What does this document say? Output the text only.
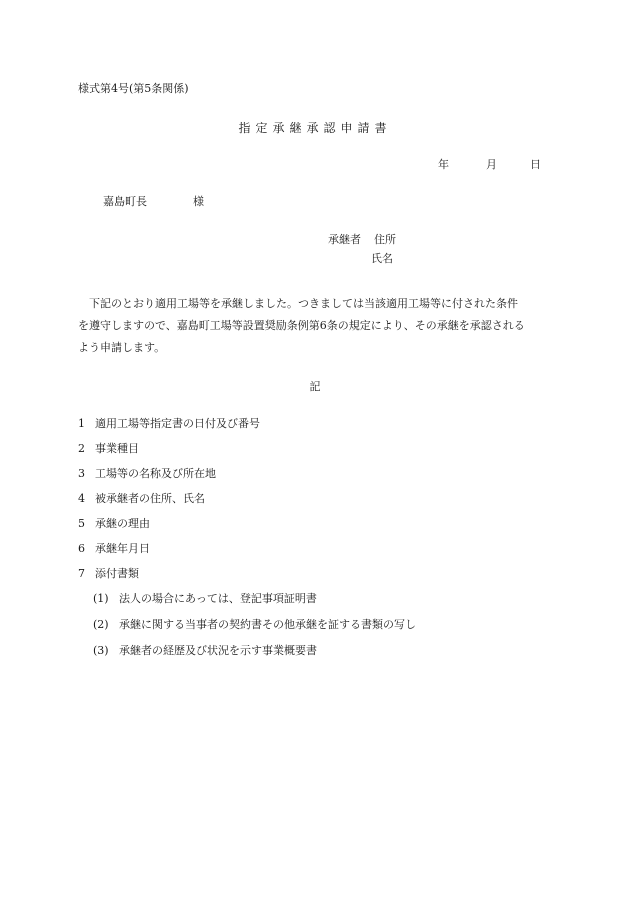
様式第4号(第5条関係)
指定承継承認申請書
年	月	日
嘉島町長	様
承継者 住所
氏名
下記のとおり適用工場等を承継しました。つきましては当該適用工場等に付された条件
を遵守しますので、嘉島町工場等設置奨励条例第6条の規定により、その承継を承認される
よう申請します。
記
1 適用工場等指定書の日付及び番号
2 事業種目
3 工場等の名称及び所在地
4 被承継者の住所、氏名
5 承継の理由
6 承継年月日
7 添付書類
(1) 法人の場合にあっては、登記事項証明書
(2) 承継に関する当事者の契約書その他承継を証する書類の写し
(3) 承継者の経歴及び状況を示す事業概要書
